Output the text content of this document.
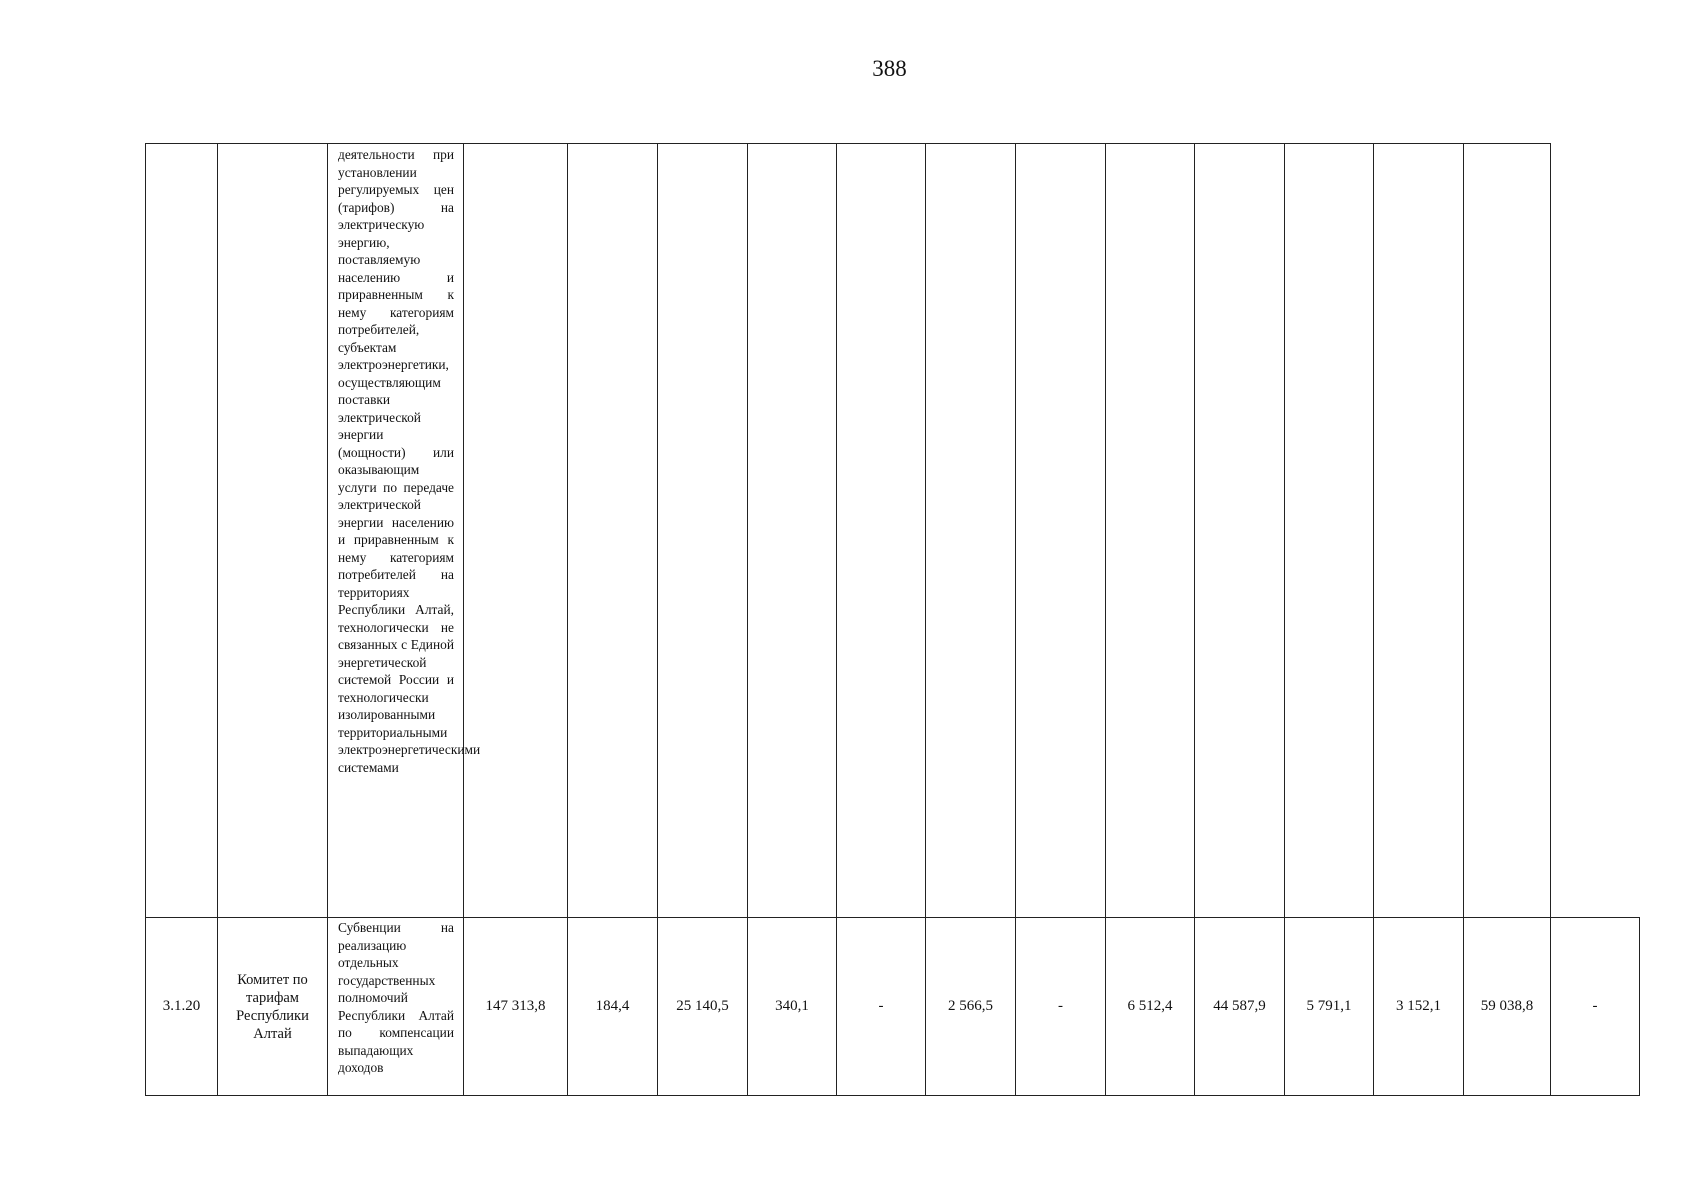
388
		деятельности при установлении регулируемых цен (тарифов) на электрическую энергию, поставляемую населению и приравненным к нему категориям потребителей, субъектам электроэнергетики, осуществляющим поставки электрической энергии (мощности) или оказывающим услуги по передаче электрической энергии населению и приравненным к нему категориям потребителей на территориях Республики Алтай, технологически не связанных с Единой энергетической системой России и технологически изолированными территориальными электроэнергетическими системами													
3.1.20	Комитет по тарифам Республики Алтай	Субвенции на реализацию отдельных государственных полномочий Республики Алтай по компенсации выпадающих доходов	147 313,8	184,4	25 140,5	340,1	-	2 566,5	-	6 512,4	44 587,9	5 791,1	3 152,1	59 038,8	-
